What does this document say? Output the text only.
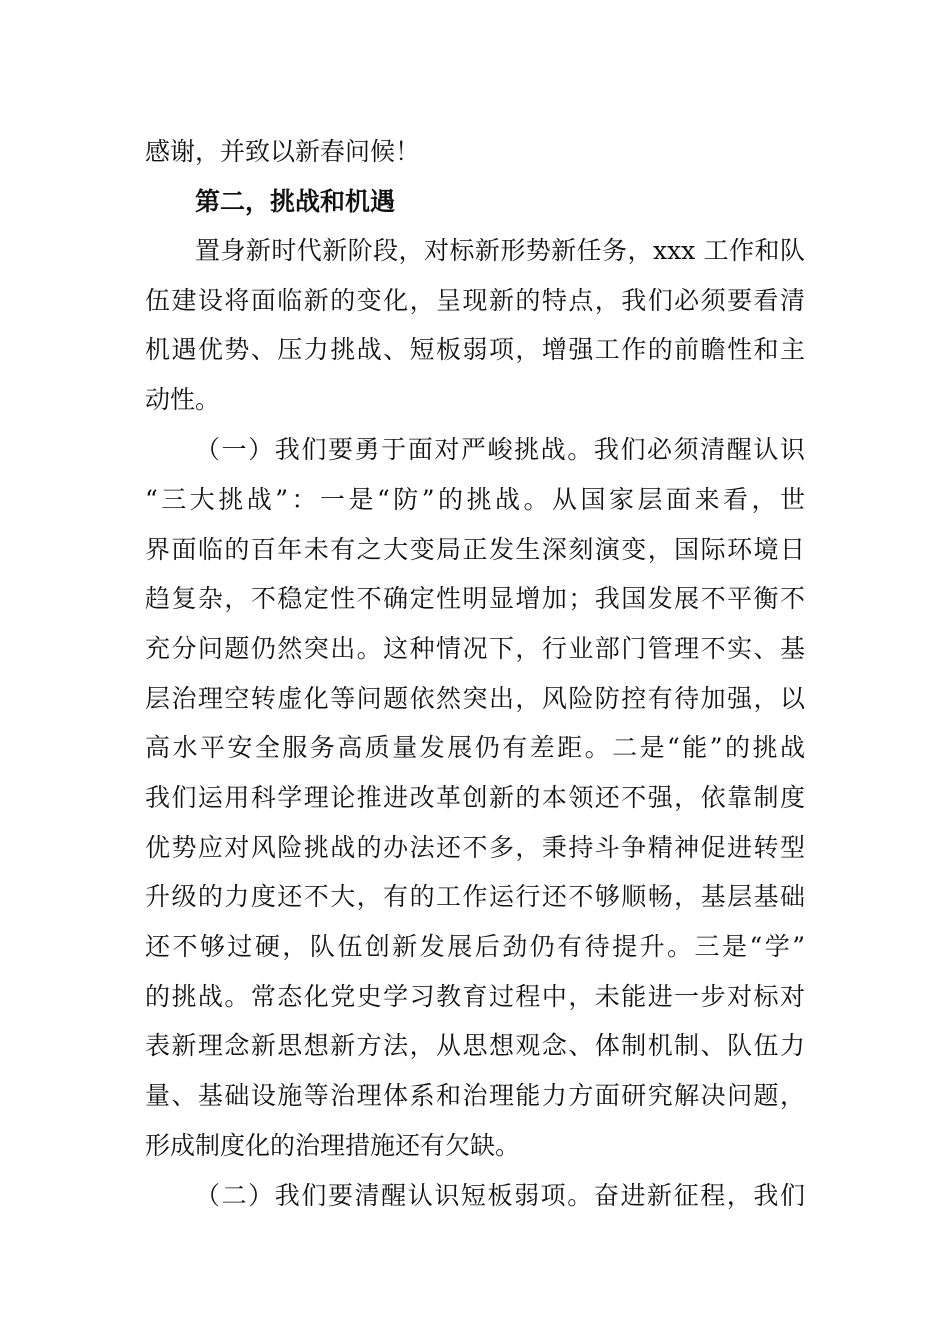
感谢，并致以新春问候！
第二，挑战和机遇
置身新时代新阶段，对标新形势新任务，xxx 工作和队
伍建设将面临新的变化，呈现新的特点，我们必须要看清
机遇优势、压力挑战、短板弱项，增强工作的前瞻性和主
动性。
（一）我们要勇于面对严峻挑战。我们必须清醒认识
“三大挑战”：一是“防”的挑战。从国家层面来看，世
界面临的百年未有之大变局正发生深刻演变，国际环境日
趋复杂，不稳定性不确定性明显增加；我国发展不平衡不
充分问题仍然突出。这种情况下，行业部门管理不实、基
层治理空转虚化等问题依然突出，风险防控有待加强，以
高水平安全服务高质量发展仍有差距。二是“能”的挑战
我们运用科学理论推进改革创新的本领还不强，依靠制度
优势应对风险挑战的办法还不多，秉持斗争精神促进转型
升级的力度还不大，有的工作运行还不够顺畅，基层基础
还不够过硬，队伍创新发展后劲仍有待提升。三是“学”
的挑战。常态化党史学习教育过程中，未能进一步对标对
表新理念新思想新方法，从思想观念、体制机制、队伍力
量、基础设施等治理体系和治理能力方面研究解决问题，
形成制度化的治理措施还有欠缺。
（二）我们要清醒认识短板弱项。奋进新征程，我们
